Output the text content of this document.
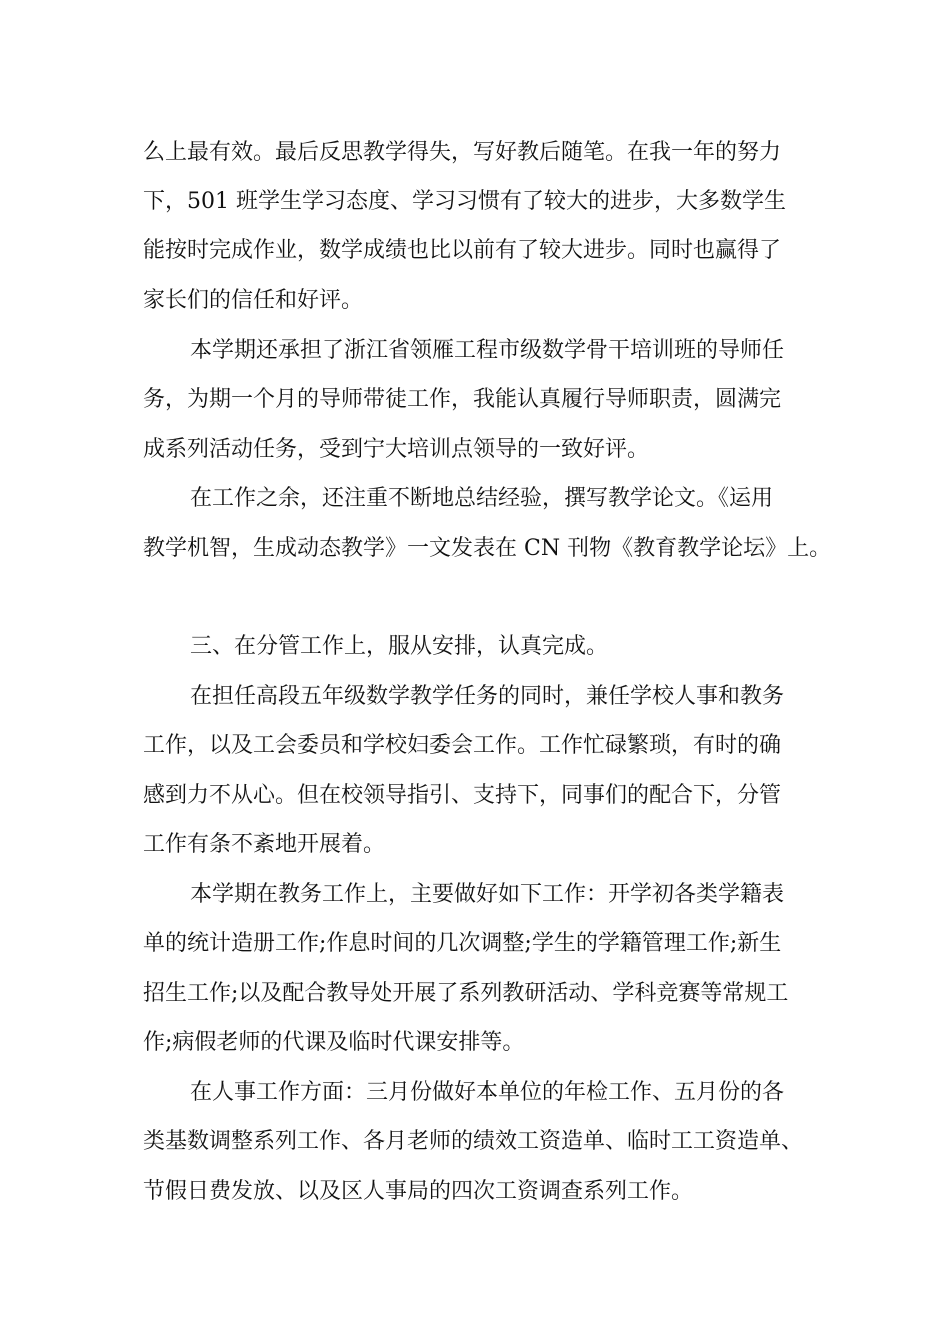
么上最有效。最后反思教学得失，写好教后随笔。在我一年的努力

下，501 班学生学习态度、学习习惯有了较大的进步，大多数学生

能按时完成作业，数学成绩也比以前有了较大进步。同时也赢得了

家长们的信任和好评。

本学期还承担了浙江省领雁工程市级数学骨干培训班的导师任

务，为期一个月的导师带徒工作，我能认真履行导师职责，圆满完

成系列活动任务，受到宁大培训点领导的一致好评。

在工作之余，还注重不断地总结经验，撰写教学论文。《运用

教学机智，生成动态教学》一文发表在 CN 刊物《教育教学论坛》上。

三、在分管工作上，服从安排，认真完成。

在担任高段五年级数学教学任务的同时，兼任学校人事和教务

工作，以及工会委员和学校妇委会工作。工作忙碌繁琐，有时的确

感到力不从心。但在校领导指引、支持下，同事们的配合下，分管

工作有条不紊地开展着。

本学期在教务工作上，主要做好如下工作：开学初各类学籍表

单的统计造册工作;作息时间的几次调整;学生的学籍管理工作;新生

招生工作;以及配合教导处开展了系列教研活动、学科竞赛等常规工

作;病假老师的代课及临时代课安排等。

在人事工作方面：三月份做好本单位的年检工作、五月份的各

类基数调整系列工作、各月老师的绩效工资造单、临时工工资造单、

节假日费发放、以及区人事局的四次工资调查系列工作。
